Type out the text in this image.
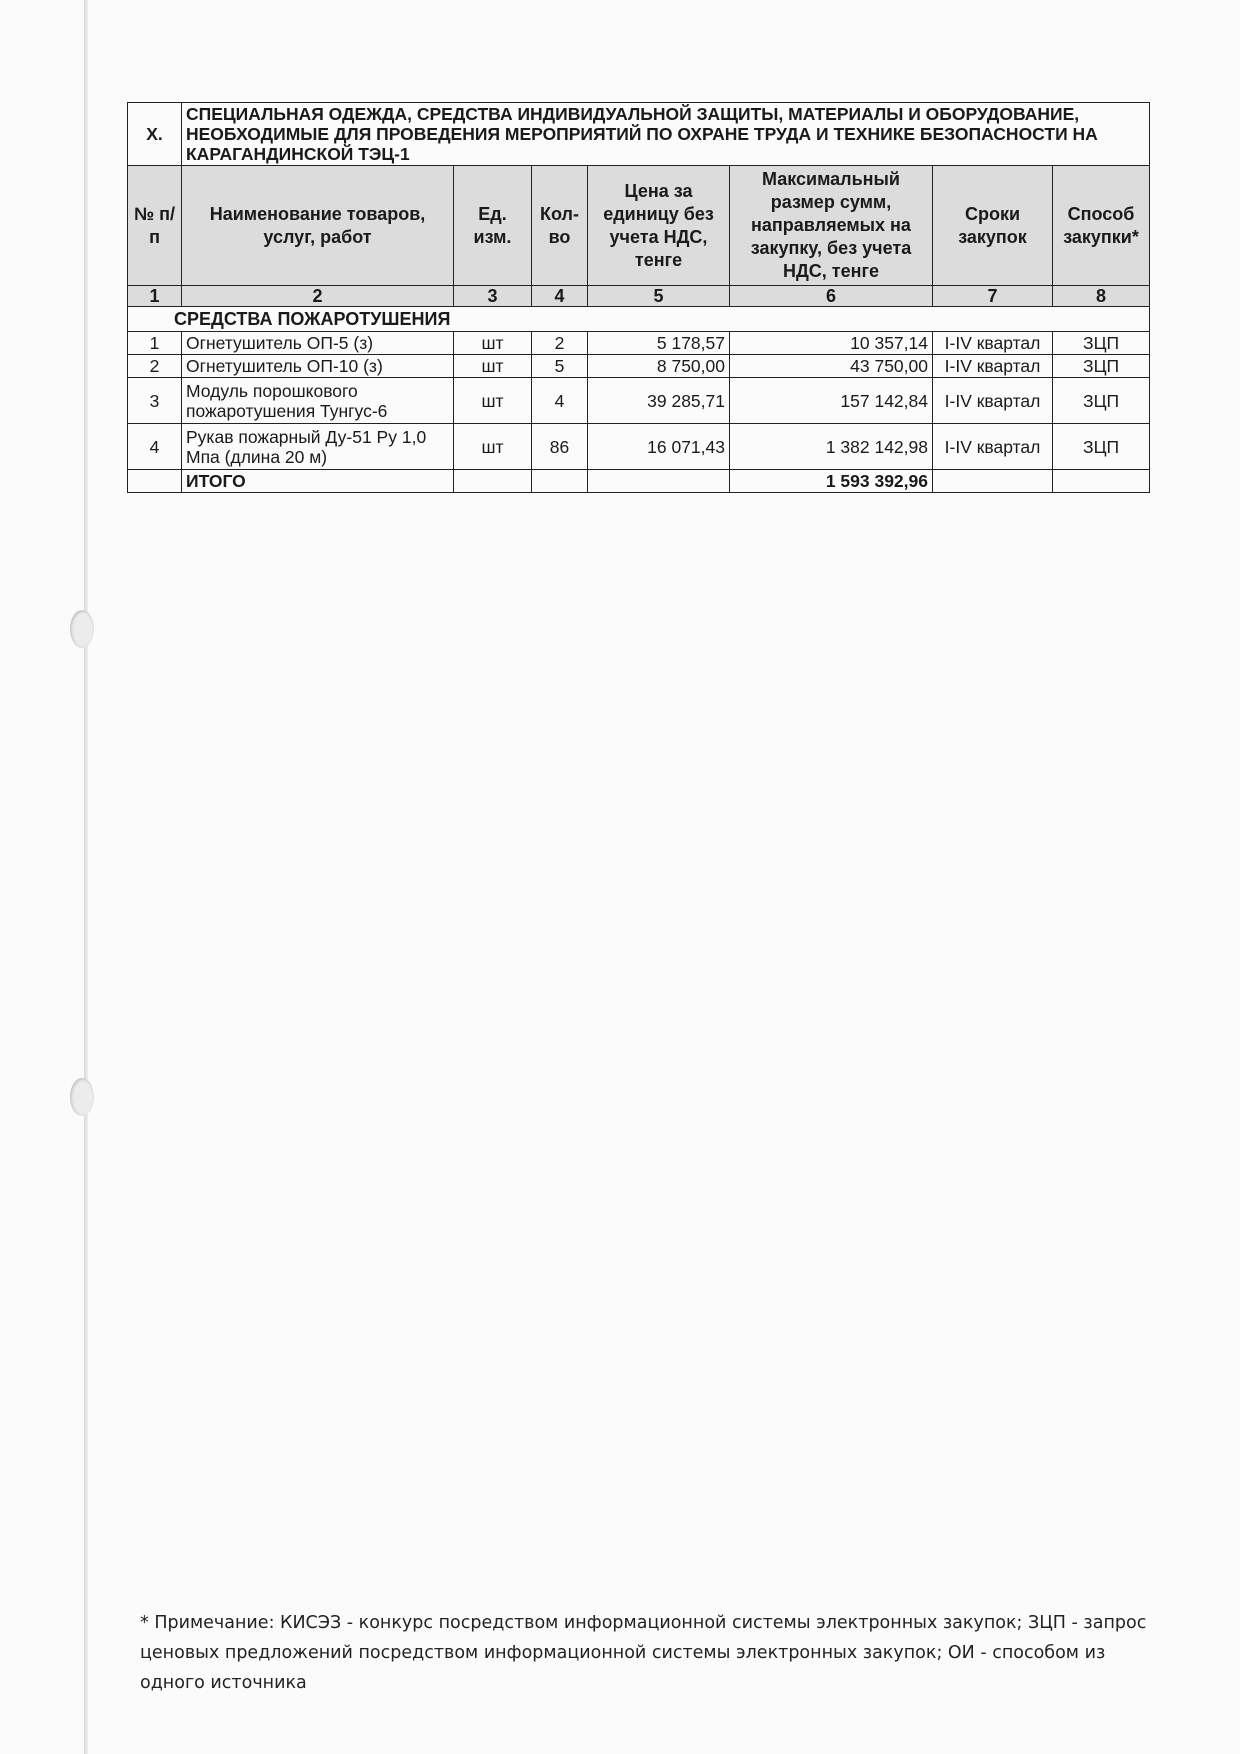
X.	СПЕЦИАЛЬНАЯ ОДЕЖДА, СРЕДСТВА ИНДИВИДУАЛЬНОЙ ЗАЩИТЫ, МАТЕРИАЛЫ И ОБОРУДОВАНИЕ, НЕОБХОДИМЫЕ ДЛЯ ПРОВЕДЕНИЯ МЕРОПРИЯТИЙ ПО ОХРАНЕ ТРУДА И ТЕХНИКЕ БЕЗОПАСНОСТИ НА КАРАГАНДИНСКОЙ ТЭЦ-1						
№ п/п	Наименование товаров, услуг, работ	Ед. изм.	Кол-во	Цена за единицу без учета НДС, тенге	Максимальный размер сумм, направляемых на закупку, без учета НДС, тенге	Сроки закупок	Способ закупки*
1	2	3	4	5	6	7	8
СРЕДСТВА ПОЖАРОТУШЕНИЯ							
1	Огнетушитель ОП-5 (з)	шт	2	5 178,57	10 357,14	I-IV квартал	ЗЦП
2	Огнетушитель ОП-10 (з)	шт	5	8 750,00	43 750,00	I-IV квартал	ЗЦП
3	Модуль порошкового пожаротушения Тунгус-6	шт	4	39 285,71	157 142,84	I-IV квартал	ЗЦП
4	Рукав пожарный Ду-51 Ру 1,0 Мпа (длина 20 м)	шт	86	16 071,43	1 382 142,98	I-IV квартал	ЗЦП
	ИТОГО				1 593 392,96		
* Примечание: КИСЭЗ - конкурс посредством информационной системы электронных закупок; ЗЦП - запрос ценовых предложений посредством информационной системы электронных закупок; ОИ - способом из одного источника
